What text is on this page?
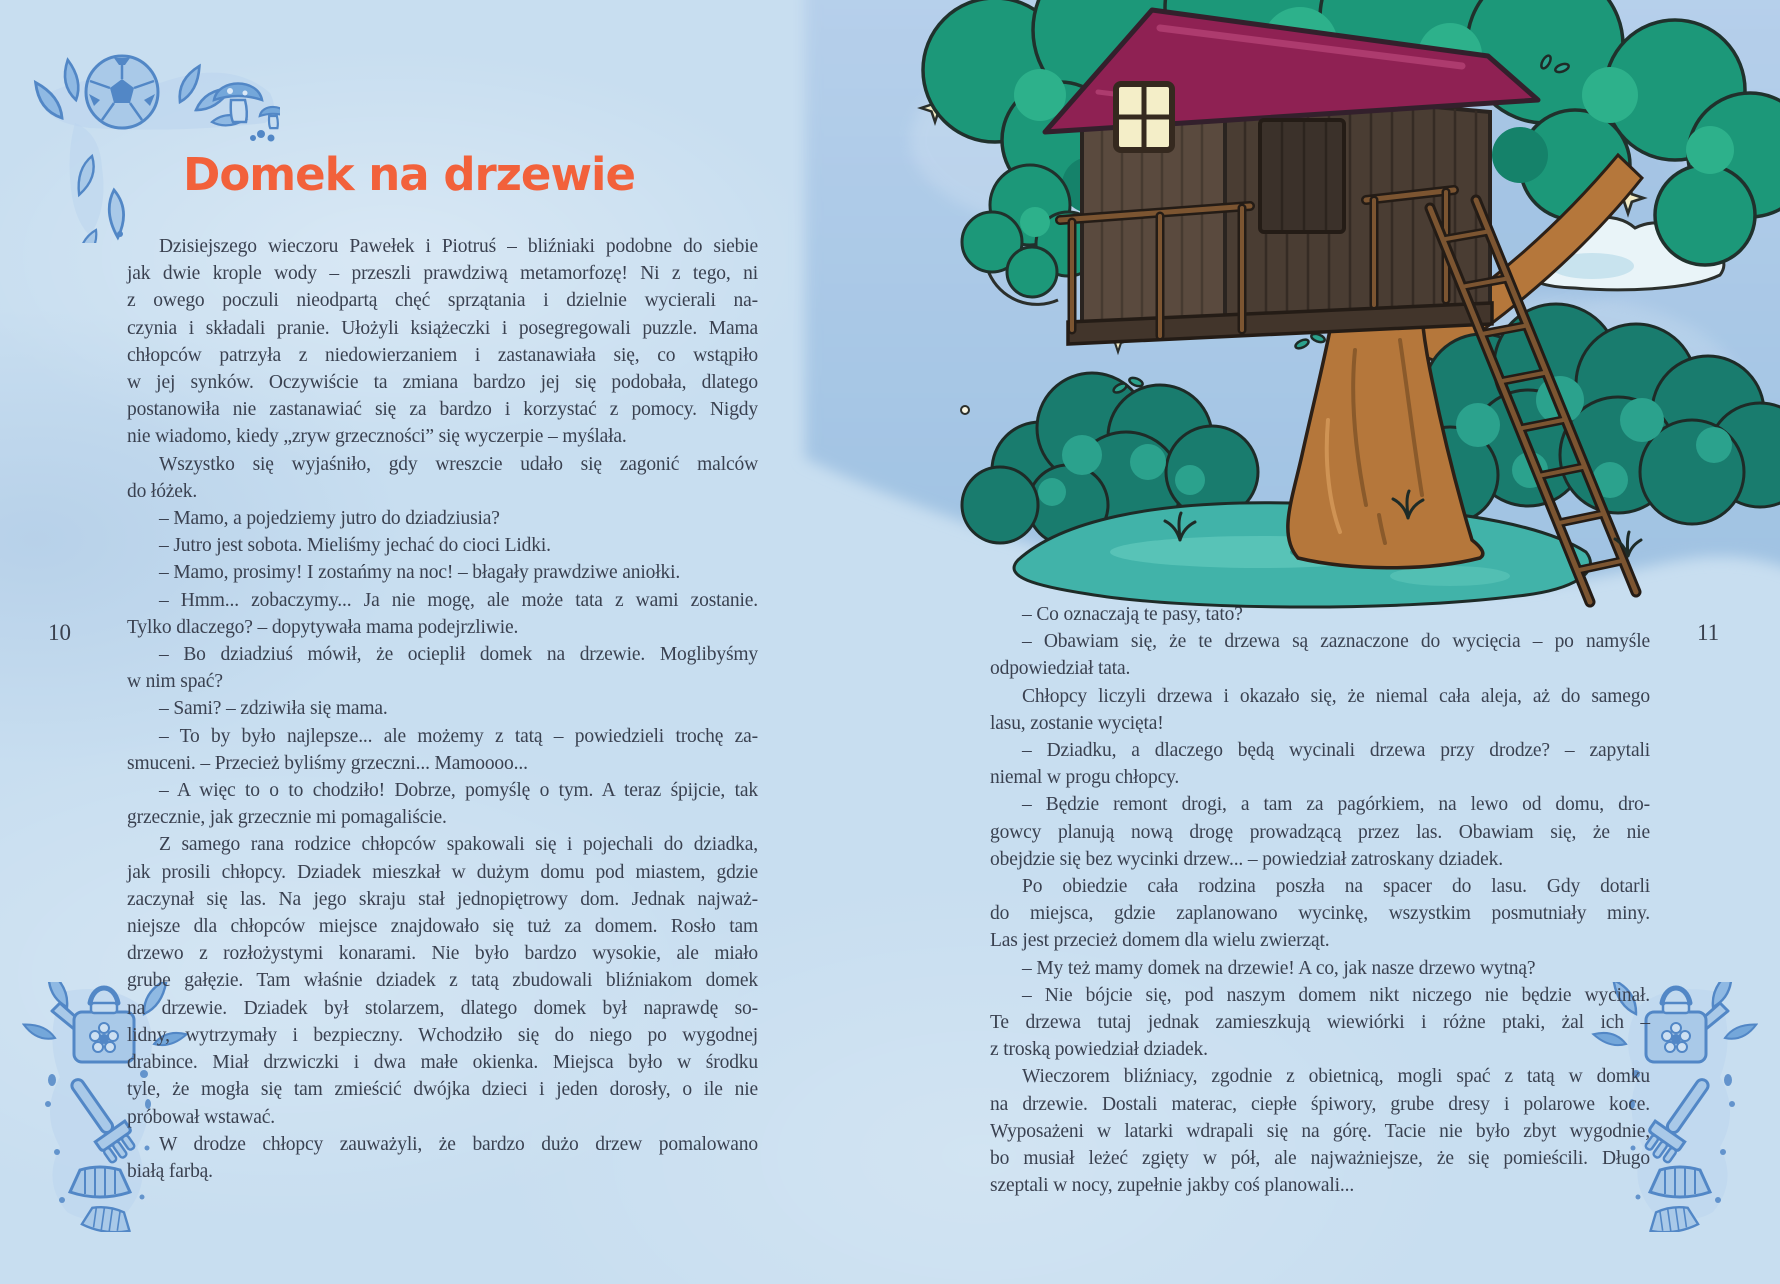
Domek na drzewie
10	11
Dzisiejszego wieczoru Pawełek i Piotruś – bliźniaki podobne do siebie
jak dwie krople wody – przeszli prawdziwą metamorfozę! Ni z tego, ni
z owego poczuli nieodpartą chęć sprzątania i dzielnie wycierali na-
czynia i składali pranie. Ułożyli książeczki i posegregowali puzzle. Mama
chłopców patrzyła z niedowierzaniem i zastanawiała się, co wstąpiło
w jej synków. Oczywiście ta zmiana bardzo jej się podobała, dlatego
postanowiła nie zastanawiać się za bardzo i korzystać z pomocy. Nigdy
nie wiadomo, kiedy „zryw grzeczności” się wyczerpie – myślała.
Wszystko się wyjaśniło, gdy wreszcie udało się zagonić malców
do łóżek.
– Mamo, a pojedziemy jutro do dziadziusia?
– Jutro jest sobota. Mieliśmy jechać do cioci Lidki.
– Mamo, prosimy! I zostańmy na noc! – błagały prawdziwe aniołki.
– Hmm... zobaczymy... Ja nie mogę, ale może tata z wami zostanie.
Tylko dlaczego? – dopytywała mama podejrzliwie.
– Bo dziadziuś mówił, że ocieplił domek na drzewie. Moglibyśmy
w nim spać?
– Sami? – zdziwiła się mama.
– To by było najlepsze... ale możemy z tatą – powiedzieli trochę za-
smuceni. – Przecież byliśmy grzeczni... Mamoooo...
– A więc to o to chodziło! Dobrze, pomyślę o tym. A teraz śpijcie, tak
grzecznie, jak grzecznie mi pomagaliście.
Z samego rana rodzice chłopców spakowali się i pojechali do dziadka,
jak prosili chłopcy. Dziadek mieszkał w dużym domu pod miastem, gdzie
zaczynał się las. Na jego skraju stał jednopiętrowy dom. Jednak najważ-
niejsze dla chłopców miejsce znajdowało się tuż za domem. Rosło tam
drzewo z rozłożystymi konarami. Nie było bardzo wysokie, ale miało
grube gałęzie. Tam właśnie dziadek z tatą zbudowali bliźniakom domek
na drzewie. Dziadek był stolarzem, dlatego domek był naprawdę so-
lidny, wytrzymały i bezpieczny. Wchodziło się do niego po wygodnej
drabince. Miał drzwiczki i dwa małe okienka. Miejsca było w środku
tyle, że mogła się tam zmieścić dwójka dzieci i jeden dorosły, o ile nie
próbował wstawać.
W drodze chłopcy zauważyli, że bardzo dużo drzew pomalowano
białą farbą.
– Co oznaczają te pasy, tato?
– Obawiam się, że te drzewa są zaznaczone do wycięcia – po namyśle
odpowiedział tata.
Chłopcy liczyli drzewa i okazało się, że niemal cała aleja, aż do samego
lasu, zostanie wycięta!
– Dziadku, a dlaczego będą wycinali drzewa przy drodze? – zapytali
niemal w progu chłopcy.
– Będzie remont drogi, a tam za pagórkiem, na lewo od domu, dro-
gowcy planują nową drogę prowadzącą przez las. Obawiam się, że nie
obejdzie się bez wycinki drzew... – powiedział zatroskany dziadek.
Po obiedzie cała rodzina poszła na spacer do lasu. Gdy dotarli
do miejsca, gdzie zaplanowano wycinkę, wszystkim posmutniały miny.
Las jest przecież domem dla wielu zwierząt.
– My też mamy domek na drzewie! A co, jak nasze drzewo wytną?
– Nie bójcie się, pod naszym domem nikt niczego nie będzie wycinał.
Te drzewa tutaj jednak zamieszkują wiewiórki i różne ptaki, żal ich –
z troską powiedział dziadek.
Wieczorem bliźniacy, zgodnie z obietnicą, mogli spać z tatą w domku
na drzewie. Dostali materac, ciepłe śpiwory, grube dresy i polarowe koce.
Wyposażeni w latarki wdrapali się na górę. Tacie nie było zbyt wygodnie,
bo musiał leżeć zgięty w pół, ale najważniejsze, że się pomieścili. Długo
szeptali w nocy, zupełnie jakby coś planowali...
